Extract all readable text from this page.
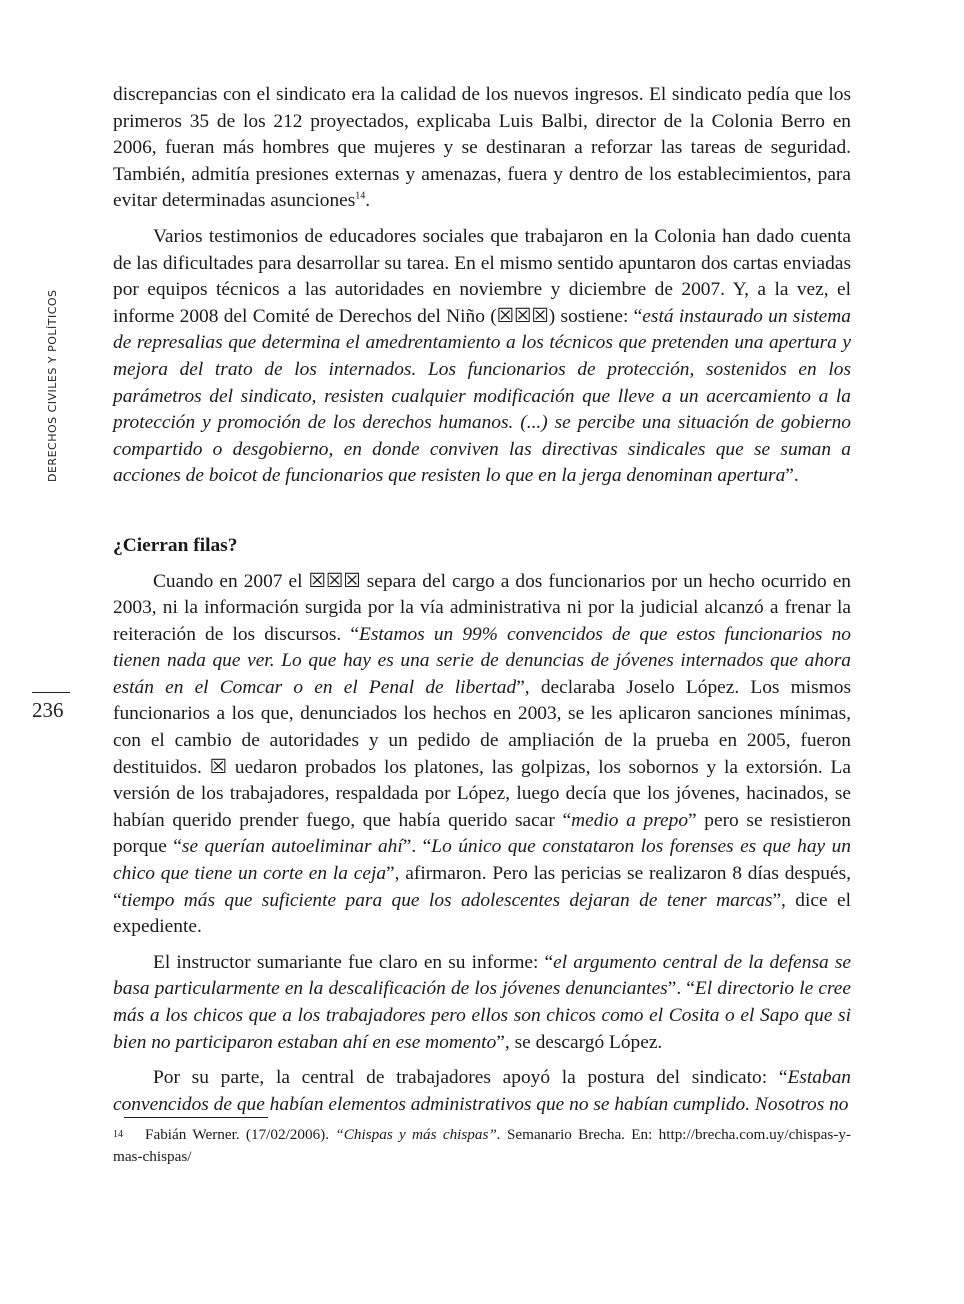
DERECHOS CIVILES Y POLÍTICOS
236

discrepancias con el sindicato era la calidad de los nuevos ingresos. El sindicato pedía que los primeros 35 de los 212 proyectados, explicaba Luis Balbi, director de la Colonia Berro en 2006, fueran más hombres que mujeres y se destinaran a reforzar las tareas de seguridad. También, admitía presiones externas y amenazas, fuera y dentro de los establecimientos, para evitar determinadas asunciones$^{14}$.

Varios testimonios de educadores sociales que trabajaron en la Colonia han dado cuenta de las dificultades para desarrollar su tarea. En el mismo sentido apuntaron dos cartas enviadas por equipos técnicos a las autoridades en noviembre y diciembre de 2007. Y, a la vez, el informe 2008 del Comité de Derechos del Niño (☒☒☒) sostiene: “está instaurado un sistema de represalias que determina el amedrentamiento a los técnicos que pretenden una apertura y mejora del trato de los internados. Los funcionarios de protección, sostenidos en los parámetros del sindicato, resisten cualquier modificación que lleve a un acercamiento a la protección y promoción de los derechos humanos. (...) se percibe una situación de gobierno compartido o desgobierno, en donde conviven las directivas sindicales que se suman a acciones de boicot de funcionarios que resisten lo que en la jerga denominan apertura”.

¿Cierran filas?

Cuando en 2007 el ☒☒☒ separa del cargo a dos funcionarios por un hecho ocurrido en 2003, ni la información surgida por la vía administrativa ni por la judicial alcanzó a frenar la reiteración de los discursos. “Estamos un 99% convencidos de que estos funcionarios no tienen nada que ver. Lo que hay es una serie de denuncias de jóvenes internados que ahora están en el Comcar o en el Penal de libertad”, declaraba Joselo López. Los mismos funcionarios a los que, denunciados los hechos en 2003, se les aplicaron sanciones mínimas, con el cambio de autoridades y un pedido de ampliación de la prueba en 2005, fueron destituidos. ☒ uedaron probados los platones, las golpizas, los sobornos y la extorsión. La versión de los trabajadores, respaldada por López, luego decía que los jóvenes, hacinados, se habían querido prender fuego, que había querido sacar “medio a prepo” pero se resistieron porque “se querían autoeliminar ahí”. “Lo único que constataron los forenses es que hay un chico que tiene un corte en la ceja”, afirmaron. Pero las pericias se realizaron 8 días después, “tiempo más que suficiente para que los adolescentes dejaran de tener marcas”, dice el expediente.

El instructor sumariante fue claro en su informe: “el argumento central de la defensa se basa particularmente en la descalificación de los jóvenes denunciantes”. “El directorio le cree más a los chicos que a los trabajadores pero ellos son chicos como el Cosita o el Sapo que si bien no participaron estaban ahí en ese momento”, se descargó López.

Por su parte, la central de trabajadores apoyó la postura del sindicato: “Estaban convencidos de que habían elementos administrativos que no se habían cumplido. Nosotros no

$^{14}$ Fabián Werner. (17/02/2006). “Chispas y más chispas”. Semanario Brecha. En: http://brecha.com.uy/chispas-y-mas-chispas/
